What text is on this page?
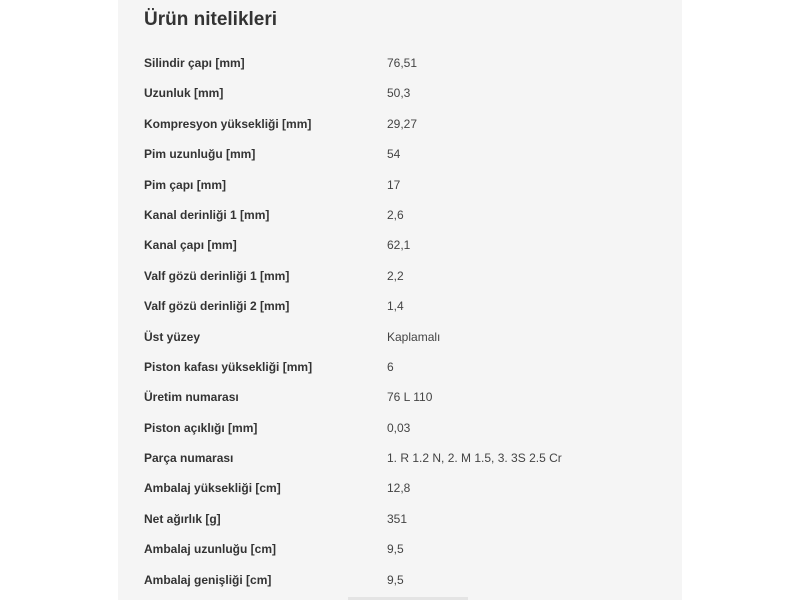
Ürün nitelikleri
Silindir çapı [mm]	76,51
Uzunluk [mm]	50,3
Kompresyon yüksekliği [mm]	29,27
Pim uzunluğu [mm]	54
Pim çapı [mm]	17
Kanal derinliği 1 [mm]	2,6
Kanal çapı [mm]	62,1
Valf gözü derinliği 1 [mm]	2,2
Valf gözü derinliği 2 [mm]	1,4
Üst yüzey	Kaplamalı
Piston kafası yüksekliği [mm]	6
Üretim numarası	76 L 110
Piston açıklığı [mm]	0,03
Parça numarası	1. R 1.2 N, 2. M 1.5, 3. 3S 2.5 Cr
Ambalaj yüksekliği [cm]	12,8
Net ağırlık [g]	351
Ambalaj uzunluğu [cm]	9,5
Ambalaj genişliği [cm]	9,5
